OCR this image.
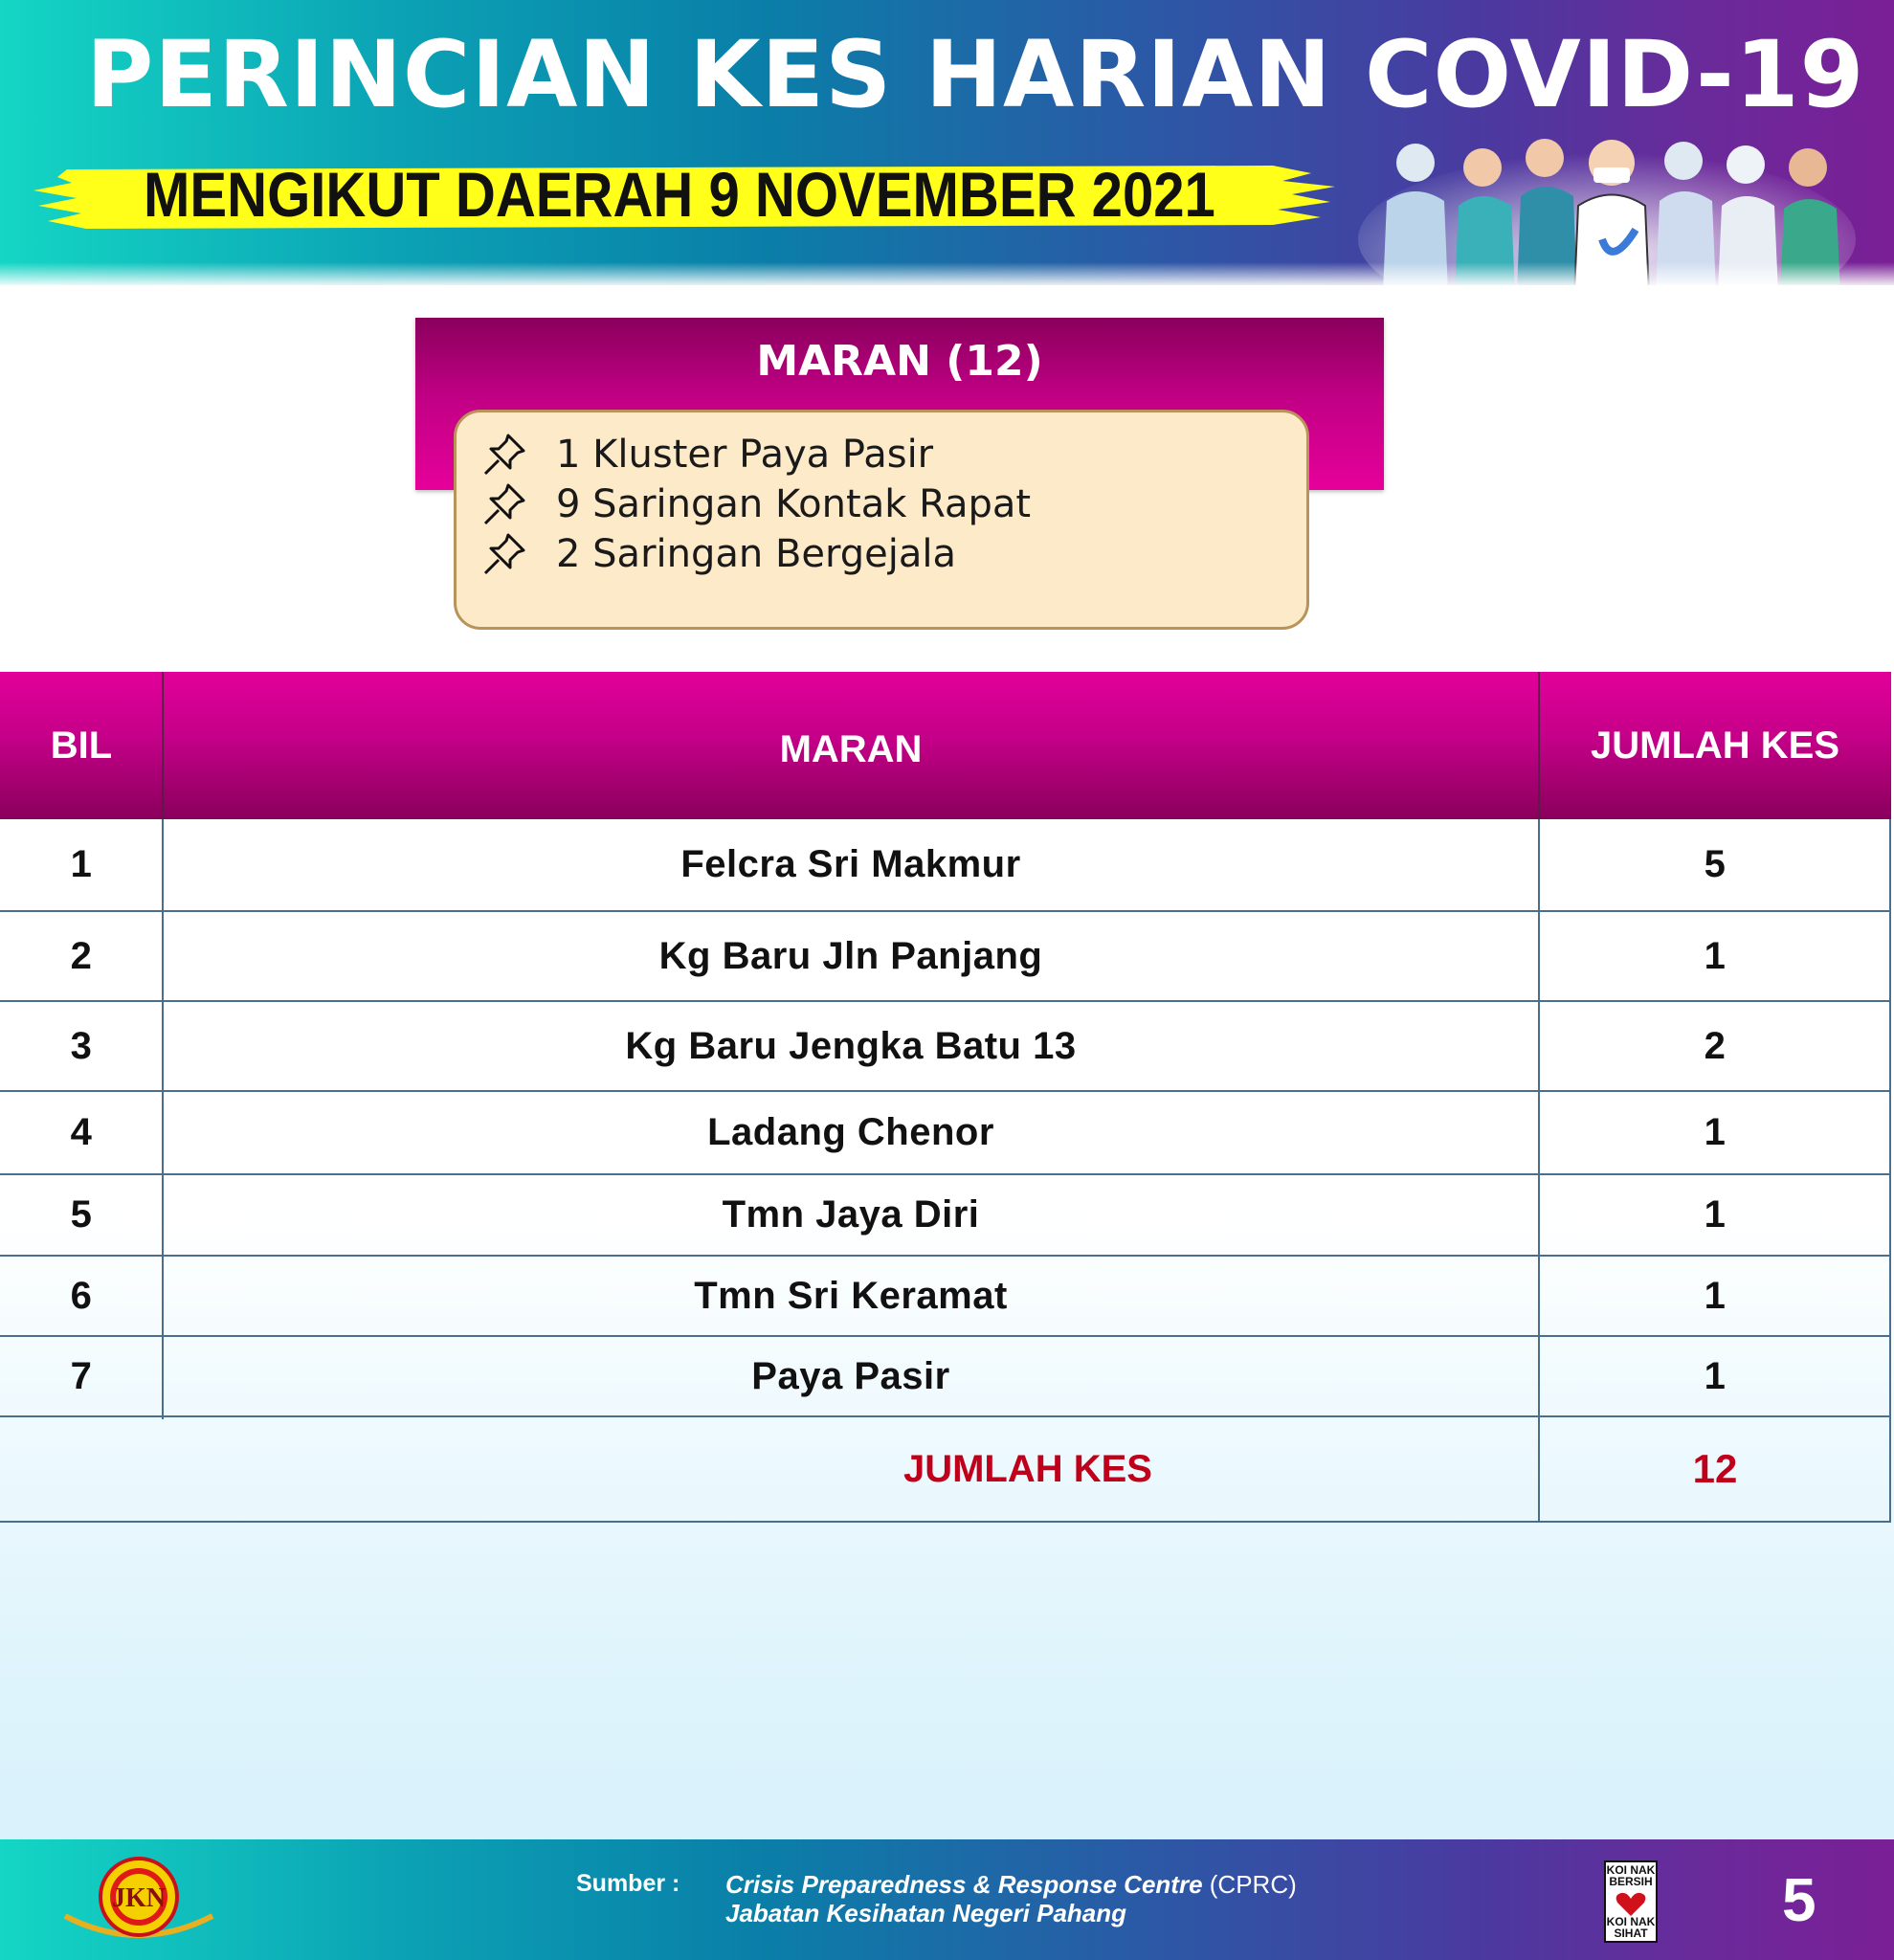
PERINCIAN KES HARIAN COVID-19
MENGIKUT DAERAH 9 NOVEMBER 2021
MARAN (12)
1 Kluster Paya Pasir
9 Saringan Kontak Rapat
2 Saringan Bergejala
BIL	MARAN	JUMLAH KES
1	Felcra Sri Makmur	5
2	Kg Baru Jln Panjang	1
3	Kg Baru Jengka Batu 13	2
4	Ladang Chenor	1
5	Tmn Jaya Diri	1
6	Tmn Sri Keramat	1
7	Paya Pasir	1
JUMLAH KES	12
JKN	Sumber : Crisis Preparedness & Response Centre (CPRC)
Jabatan Kesihatan Negeri Pahang
KOI NAK BERSIH
KOI NAK SIHAT 5
